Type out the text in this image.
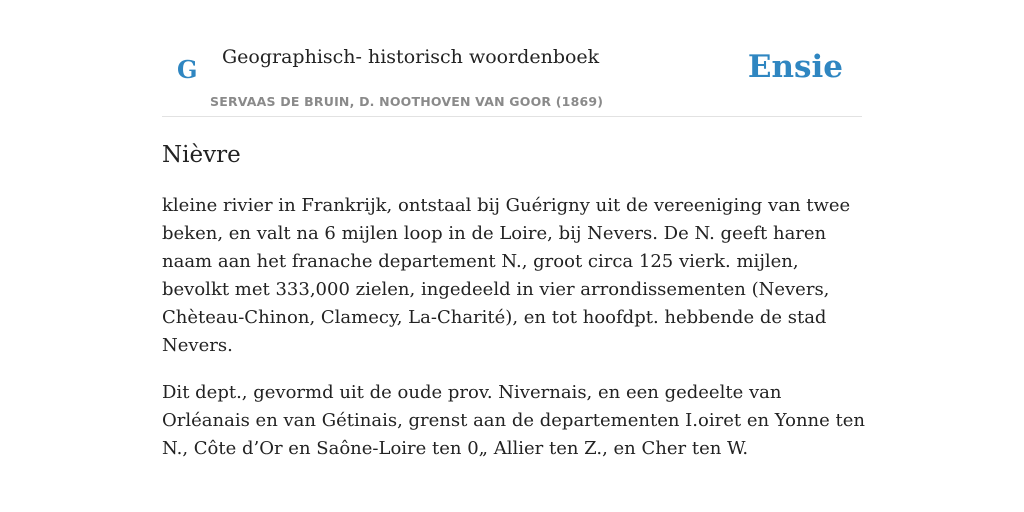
G Geographisch- historisch woordenboek
SERVAAS DE BRUIN, D. NOOTHOVEN VAN GOOR (1869)
Ensie
Nièvre

kleine rivier in Frankrijk, ontstaal bij Guérigny uit de vereeniging van twee beken, en valt na 6 mijlen loop in de Loire, bij Nevers. De N. geeft haren naam aan het franache departement N., groot circa 125 vierk. mijlen, bevolkt met 333,000 zielen, ingedeeld in vier arrondissementen (Nevers, Chèteau-Chinon, Clamecy, La-Charité), en tot hoofdpt. hebbende de stad Nevers.

Dit dept., gevormd uit de oude prov. Nivernais, en een gedeelte van Orléanais en van Gétinais, grenst aan de departementen I.oiret en Yonne ten N., Côte d’Or en Saône-Loire ten 0„ Allier ten Z., en Cher ten W.
